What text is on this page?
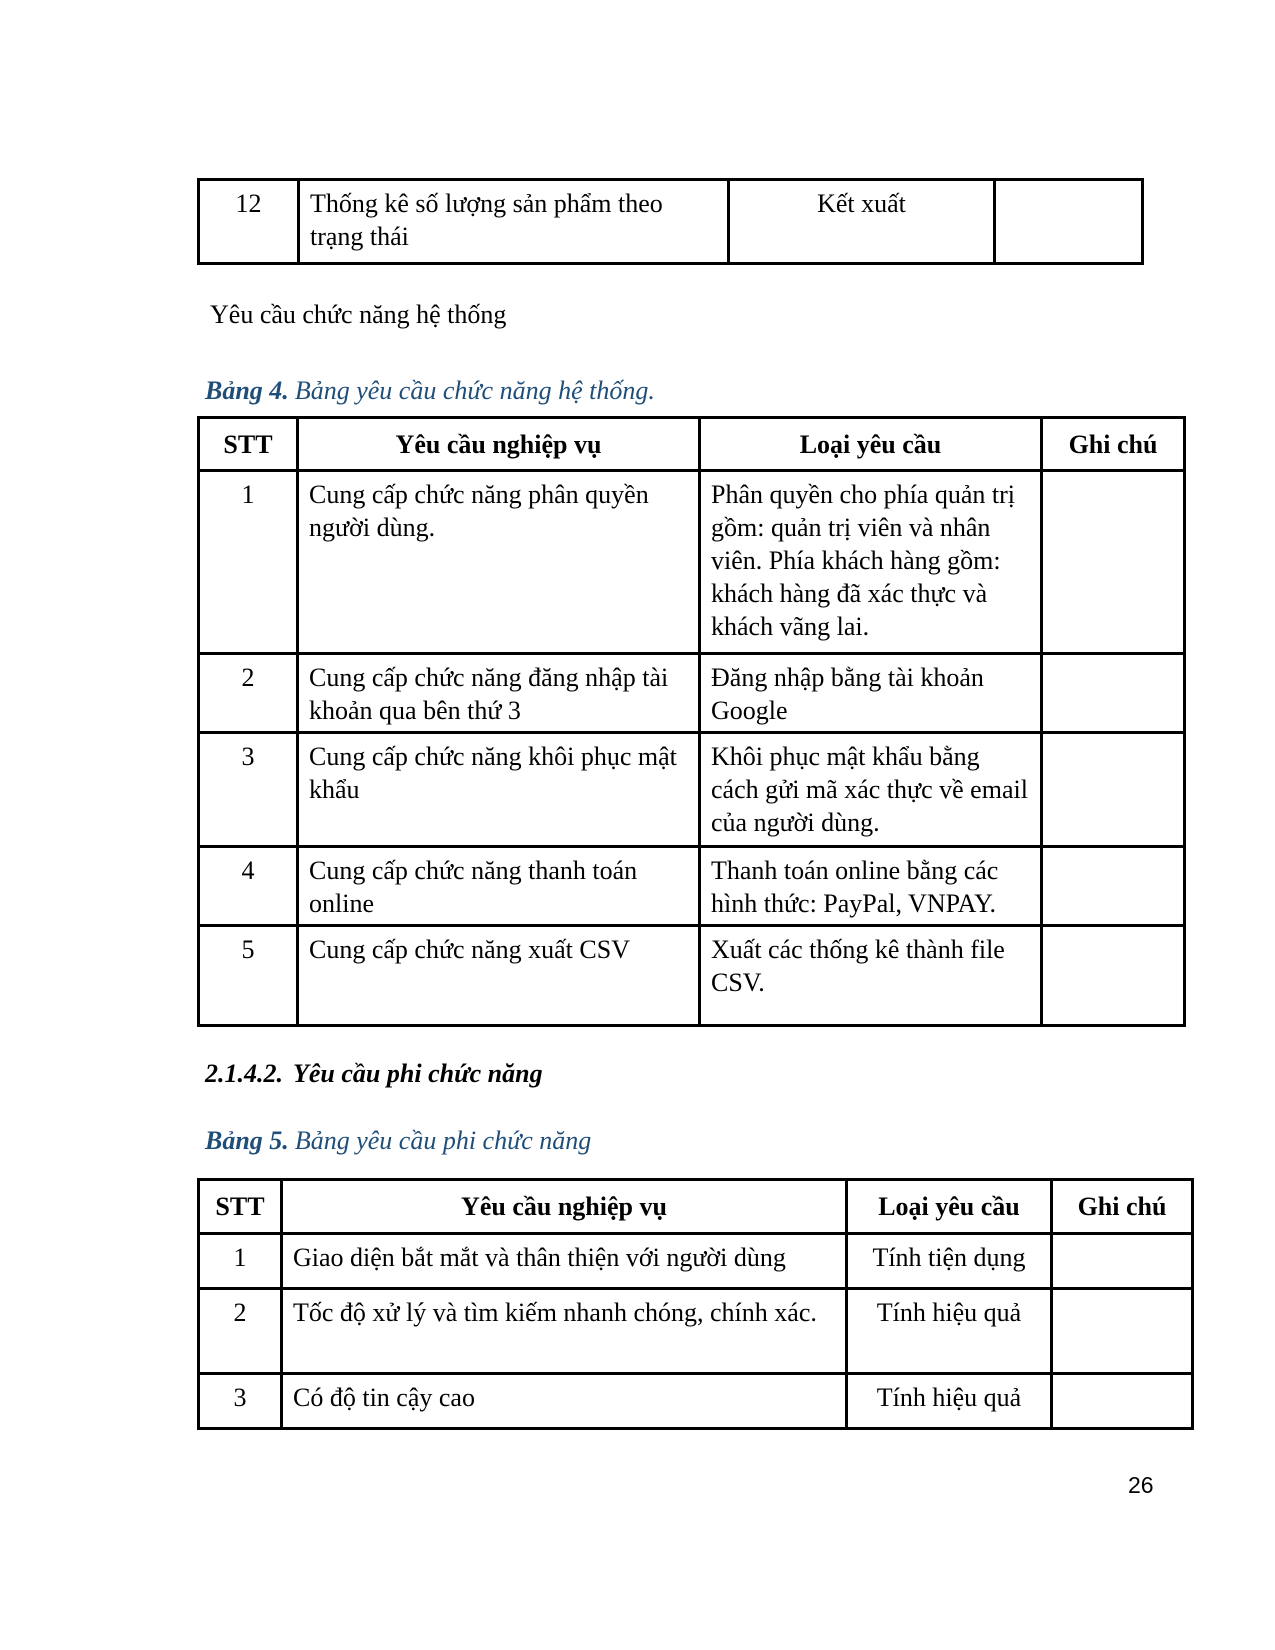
12	Thống kê số lượng sản phẩm theo trạng thái	Kết xuất	

Yêu cầu chức năng hệ thống

Bảng 4. Bảng yêu cầu chức năng hệ thống.

STT	Yêu cầu nghiệp vụ	Loại yêu cầu	Ghi chú
1	Cung cấp chức năng phân quyền người dùng.	Phân quyền cho phía quản trị gồm: quản trị viên và nhân viên. Phía khách hàng gồm: khách hàng đã xác thực và khách vãng lai.	
2	Cung cấp chức năng đăng nhập tài khoản qua bên thứ 3	Đăng nhập bằng tài khoản Google	
3	Cung cấp chức năng khôi phục mật khẩu	Khôi phục mật khẩu bằng cách gửi mã xác thực về email của người dùng.	
4	Cung cấp chức năng thanh toán online	Thanh toán online bằng các hình thức: PayPal, VNPAY.	
5	Cung cấp chức năng xuất CSV	Xuất các thống kê thành file CSV.	

2.1.4.2. Yêu cầu phi chức năng

Bảng 5. Bảng yêu cầu phi chức năng

STT	Yêu cầu nghiệp vụ	Loại yêu cầu	Ghi chú
1	Giao diện bắt mắt và thân thiện với người dùng	Tính tiện dụng	
2	Tốc độ xử lý và tìm kiếm nhanh chóng, chính xác.	Tính hiệu quả	
3	Có độ tin cậy cao	Tính hiệu quả	
26
